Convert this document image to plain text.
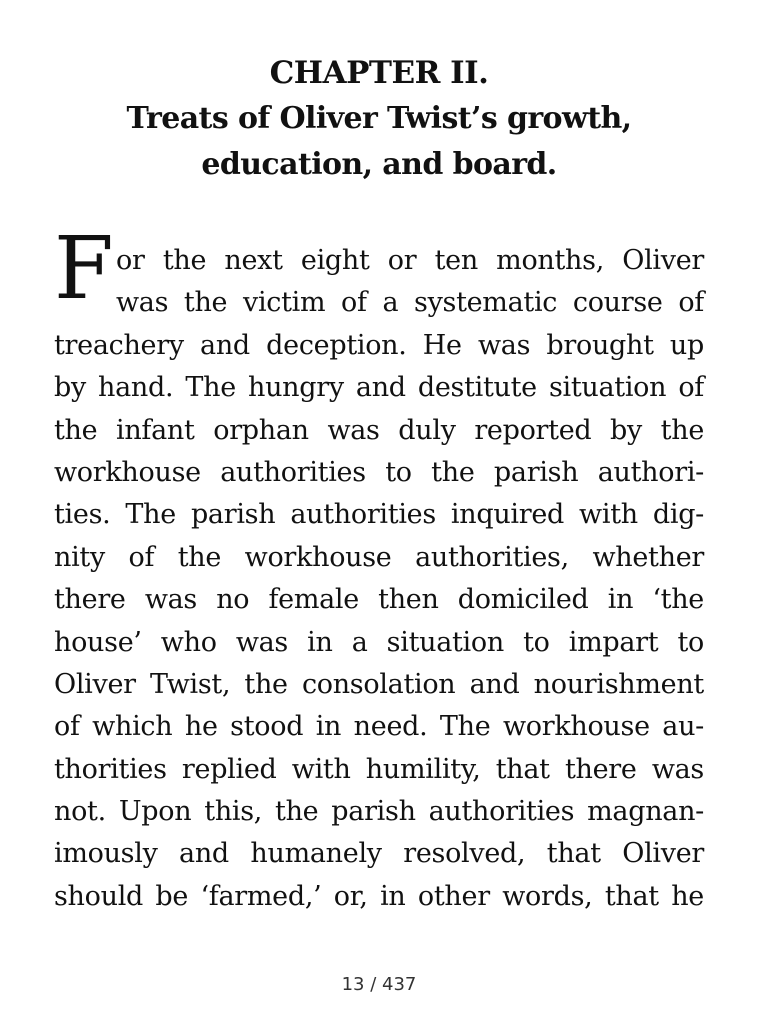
CHAPTER II.
Treats of Oliver Twist’s growth,
education, and board.
F or the next eight or ten months, Oliver
was the victim of a systematic course of
treachery and deception. He was brought up
by hand. The hungry and destitute situation of
the infant orphan was duly reported by the
workhouse authorities to the parish authori-
ties. The parish authorities inquired with dig-
nity of the workhouse authorities, whether
there was no female then domiciled in ‘the
house’ who was in a situation to impart to
Oliver Twist, the consolation and nourishment
of which he stood in need. The workhouse au-
thorities replied with humility, that there was
not. Upon this, the parish authorities magnan-
imously and humanely resolved, that Oliver
should be ‘farmed,’ or, in other words, that he
13 / 437
